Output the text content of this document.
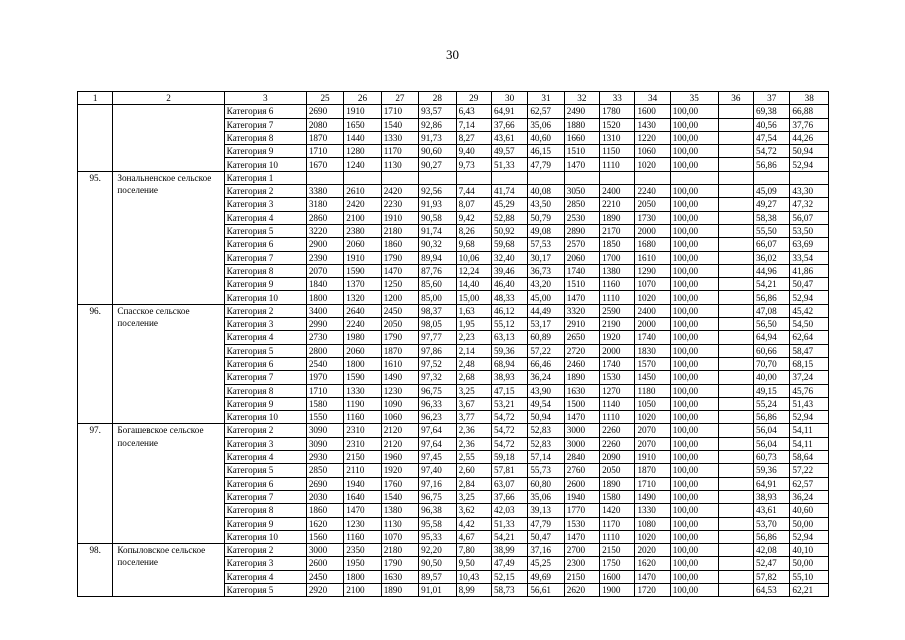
30
1	2	3	25	26	27	28	29	30	31	32	33	34	35	36	37	38
		Категория 6	2690	1910	1710	93,57	6,43	64,91	62,57	2490	1780	1600	100,00		69,38	66,88
		Категория 7	2080	1650	1540	92,86	7,14	37,66	35,06	1880	1520	1430	100,00		40,56	37,76
		Категория 8	1870	1440	1330	91,73	8,27	43,61	40,60	1660	1310	1220	100,00		47,54	44,26
		Категория 9	1710	1280	1170	90,60	9,40	49,57	46,15	1510	1150	1060	100,00		54,72	50,94
		Категория 10	1670	1240	1130	90,27	9,73	51,33	47,79	1470	1110	1020	100,00		56,86	52,94
95.	Зональненское сельское поселение	Категория 1														
		Категория 2	3380	2610	2420	92,56	7,44	41,74	40,08	3050	2400	2240	100,00		45,09	43,30
		Категория 3	3180	2420	2230	91,93	8,07	45,29	43,50	2850	2210	2050	100,00		49,27	47,32
		Категория 4	2860	2100	1910	90,58	9,42	52,88	50,79	2530	1890	1730	100,00		58,38	56,07
		Категория 5	3220	2380	2180	91,74	8,26	50,92	49,08	2890	2170	2000	100,00		55,50	53,50
		Категория 6	2900	2060	1860	90,32	9,68	59,68	57,53	2570	1850	1680	100,00		66,07	63,69
		Категория 7	2390	1910	1790	89,94	10,06	32,40	30,17	2060	1700	1610	100,00		36,02	33,54
		Категория 8	2070	1590	1470	87,76	12,24	39,46	36,73	1740	1380	1290	100,00		44,96	41,86
		Категория 9	1840	1370	1250	85,60	14,40	46,40	43,20	1510	1160	1070	100,00		54,21	50,47
		Категория 10	1800	1320	1200	85,00	15,00	48,33	45,00	1470	1110	1020	100,00		56,86	52,94
96.	Спасское сельское поселение	Категория 2	3400	2640	2450	98,37	1,63	46,12	44,49	3320	2590	2400	100,00		47,08	45,42
		Категория 3	2990	2240	2050	98,05	1,95	55,12	53,17	2910	2190	2000	100,00		56,50	54,50
		Категория 4	2730	1980	1790	97,77	2,23	63,13	60,89	2650	1920	1740	100,00		64,94	62,64
		Категория 5	2800	2060	1870	97,86	2,14	59,36	57,22	2720	2000	1830	100,00		60,66	58,47
		Категория 6	2540	1800	1610	97,52	2,48	68,94	66,46	2460	1740	1570	100,00		70,70	68,15
		Категория 7	1970	1590	1490	97,32	2,68	38,93	36,24	1890	1530	1450	100,00		40,00	37,24
		Категория 8	1710	1330	1230	96,75	3,25	47,15	43,90	1630	1270	1180	100,00		49,15	45,76
		Категория 9	1580	1190	1090	96,33	3,67	53,21	49,54	1500	1140	1050	100,00		55,24	51,43
		Категория 10	1550	1160	1060	96,23	3,77	54,72	50,94	1470	1110	1020	100,00		56,86	52,94
97.	Богашевское сельское поселение	Категория 2	3090	2310	2120	97,64	2,36	54,72	52,83	3000	2260	2070	100,00		56,04	54,11
		Категория 3	3090	2310	2120	97,64	2,36	54,72	52,83	3000	2260	2070	100,00		56,04	54,11
		Категория 4	2930	2150	1960	97,45	2,55	59,18	57,14	2840	2090	1910	100,00		60,73	58,64
		Категория 5	2850	2110	1920	97,40	2,60	57,81	55,73	2760	2050	1870	100,00		59,36	57,22
		Категория 6	2690	1940	1760	97,16	2,84	63,07	60,80	2600	1890	1710	100,00		64,91	62,57
		Категория 7	2030	1640	1540	96,75	3,25	37,66	35,06	1940	1580	1490	100,00		38,93	36,24
		Категория 8	1860	1470	1380	96,38	3,62	42,03	39,13	1770	1420	1330	100,00		43,61	40,60
		Категория 9	1620	1230	1130	95,58	4,42	51,33	47,79	1530	1170	1080	100,00		53,70	50,00
		Категория 10	1560	1160	1070	95,33	4,67	54,21	50,47	1470	1110	1020	100,00		56,86	52,94
98.	Копыловское сельское поселение	Категория 2	3000	2350	2180	92,20	7,80	38,99	37,16	2700	2150	2020	100,00		42,08	40,10
		Категория 3	2600	1950	1790	90,50	9,50	47,49	45,25	2300	1750	1620	100,00		52,47	50,00
		Категория 4	2450	1800	1630	89,57	10,43	52,15	49,69	2150	1600	1470	100,00		57,82	55,10
		Категория 5	2920	2100	1890	91,01	8,99	58,73	56,61	2620	1900	1720	100,00		64,53	62,21
